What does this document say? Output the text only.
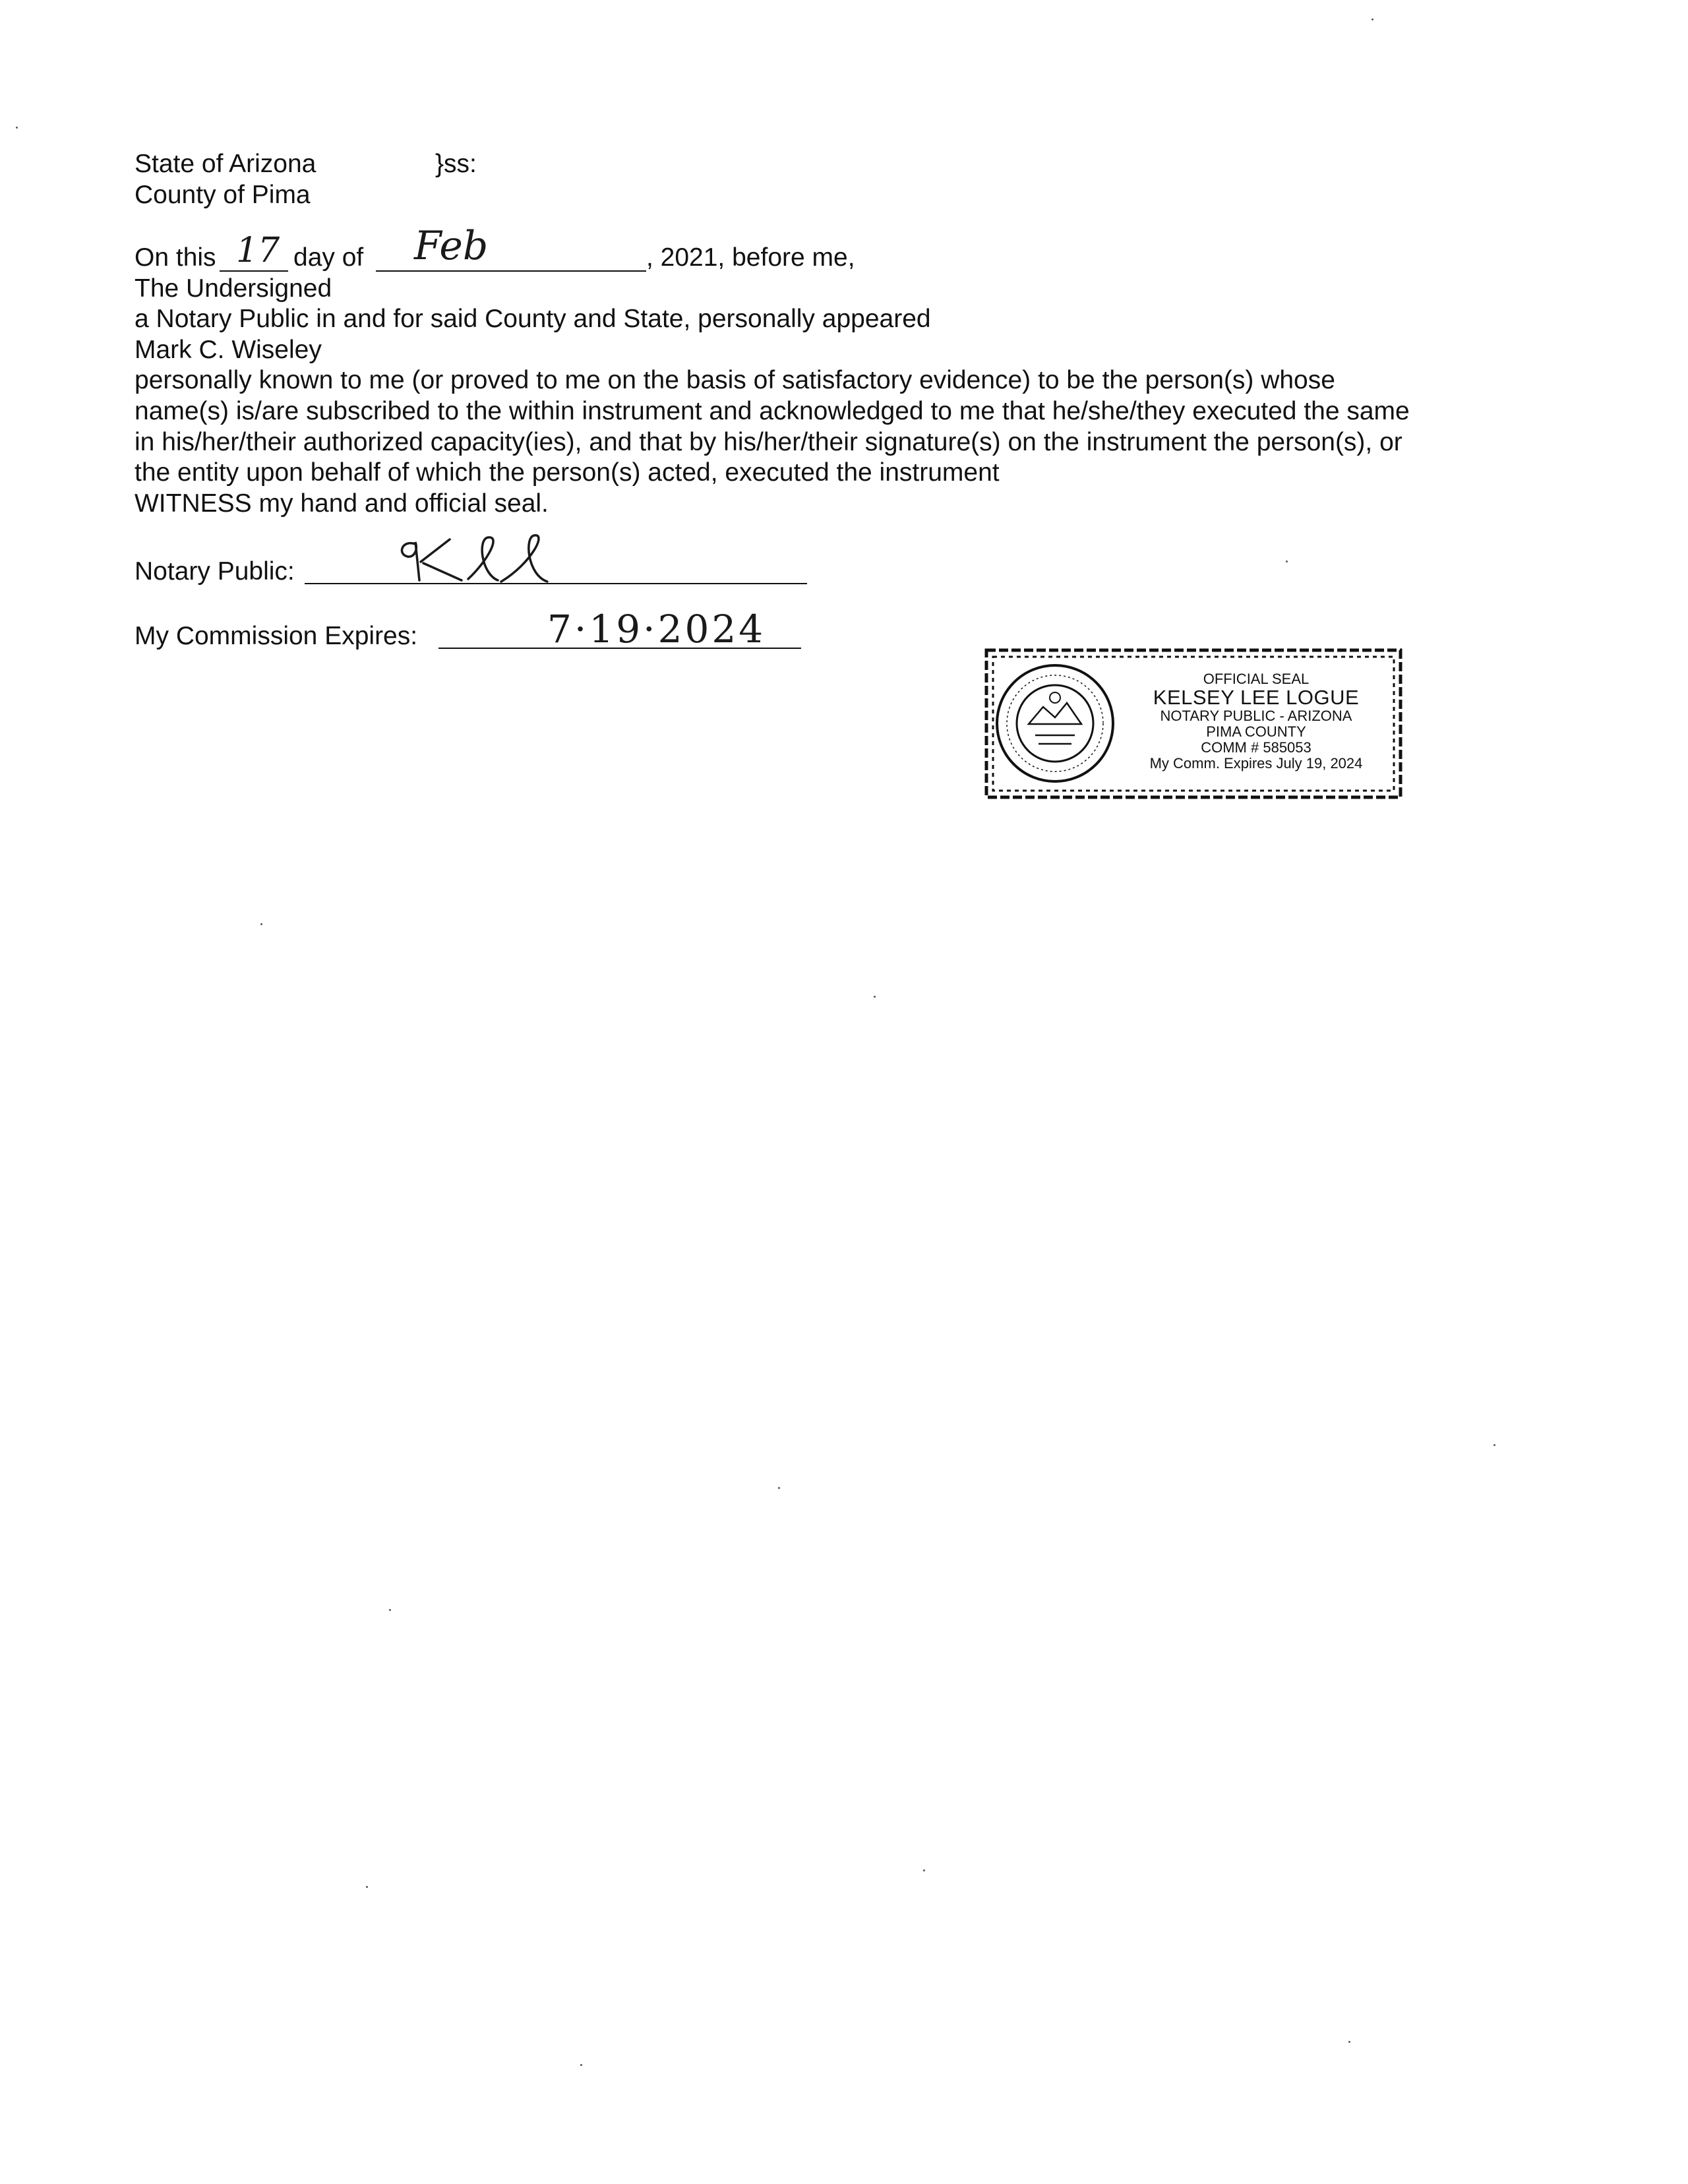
State of Arizona	}ss:
County of Pima
On this 17 day of Feb	, 2021, before me,
The Undersigned
a Notary Public in and for said County and State, personally appeared
Mark C. Wiseley
personally known to me (or proved to me on the basis of satisfactory evidence) to be the person(s) whose
name(s) is/are subscribed to the within instrument and acknowledged to me that he/she/they executed the same
in his/her/their authorized capacity(ies), and that by his/her/their signature(s) on the instrument the person(s), or
the entity upon behalf of which the person(s) acted, executed the instrument
WITNESS my hand and official seal.
Notary Public:
My Commission Expires:	7·19·2024
OFFICIAL SEAL
KELSEY LEE LOGUE
NOTARY PUBLIC - ARIZONA
PIMA COUNTY
COMM # 585053
My Comm. Expires July 19, 2024
